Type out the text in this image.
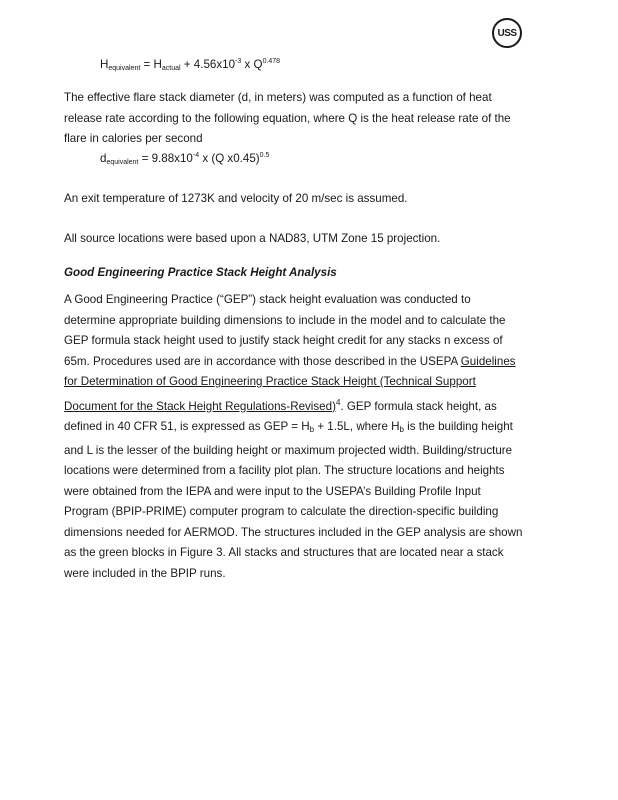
USS
$H_{equivalent} = H_{actual} + 4.56x10^{-3}$ x $Q^{0.478}$

The effective flare stack diameter (d, in meters) was computed as a function of heat release rate according to the following equation, where Q is the heat release rate of the flare in calories per second

$d_{equivalent} = 9.88x10^{-4}$ x (Q x0.45)$^{0.5}$
An exit temperature of 1273K and velocity of 20 m/sec is assumed.
All source locations were based upon a NAD83, UTM Zone 15 projection.
Good Engineering Practice Stack Height Analysis

A Good Engineering Practice (“GEP”) stack height evaluation was conducted to determine appropriate building dimensions to include in the model and to calculate the GEP formula stack height used to justify stack height credit for any stacks n excess of 65m. Procedures used are in accordance with those described in the USEPA Guidelines for Determination of Good Engineering Practice Stack Height (Technical Support Document for the Stack Height Regulations-Revised)$^4$. GEP formula stack height, as defined in 40 CFR 51, is expressed as GEP = Hb + 1.5L, where Hb is the building height and L is the lesser of the building height or maximum projected width. Building/structure locations were determined from a facility plot plan. The structure locations and heights were obtained from the IEPA and were input to the USEPA’s Building Profile Input Program (BPIP-PRIME) computer program to calculate the direction-specific building dimensions needed for AERMOD. The structures included in the GEP analysis are shown as the green blocks in Figure 3. All stacks and structures that are located near a stack were included in the BPIP runs.
